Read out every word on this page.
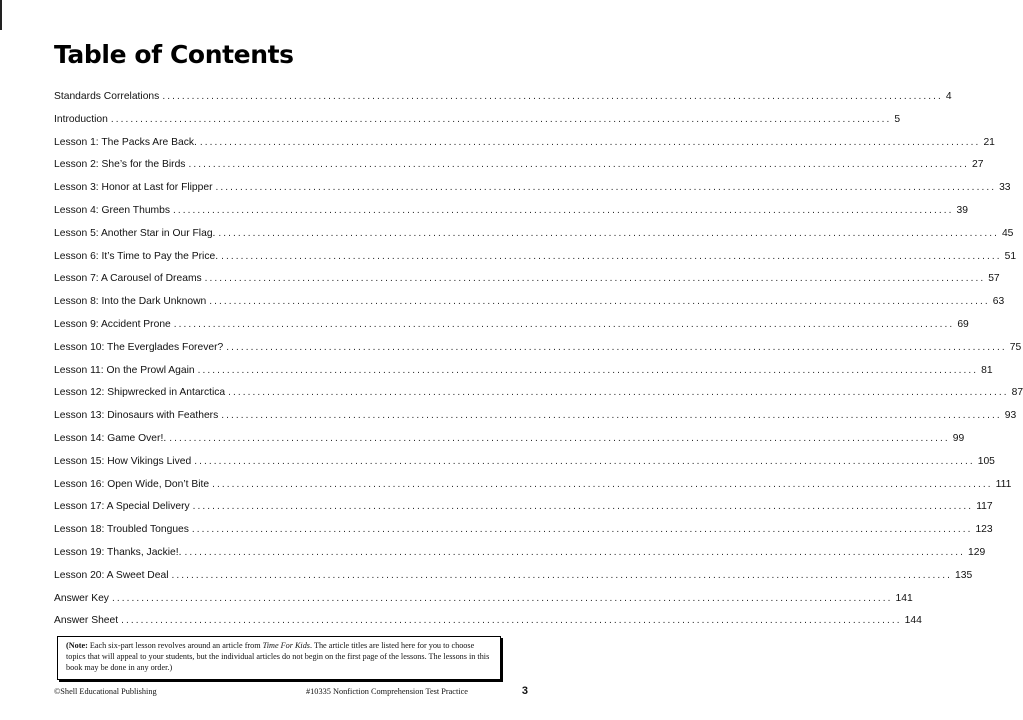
Table of Contents
Standards Correlations ................................................................................................................................................................ 4
Introduction ................................................................................................................................................................ 5
Lesson 1: The Packs Are Back. ................................................................................................................................................................ 21
Lesson 2: She’s for the Birds ................................................................................................................................................................ 27
Lesson 3: Honor at Last for Flipper ................................................................................................................................................................ 33
Lesson 4: Green Thumbs ................................................................................................................................................................ 39
Lesson 5: Another Star in Our Flag. ................................................................................................................................................................ 45
Lesson 6: It’s Time to Pay the Price. ................................................................................................................................................................ 51
Lesson 7: A Carousel of Dreams ................................................................................................................................................................ 57
Lesson 8: Into the Dark Unknown ................................................................................................................................................................ 63
Lesson 9: Accident Prone ................................................................................................................................................................ 69
Lesson 10: The Everglades Forever? ................................................................................................................................................................ 75
Lesson 11: On the Prowl Again ................................................................................................................................................................ 81
Lesson 12: Shipwrecked in Antarctica ................................................................................................................................................................ 87
Lesson 13: Dinosaurs with Feathers ................................................................................................................................................................ 93
Lesson 14: Game Over!. ................................................................................................................................................................ 99
Lesson 15: How Vikings Lived ................................................................................................................................................................ 105
Lesson 16: Open Wide, Don’t Bite ................................................................................................................................................................ 111
Lesson 17: A Special Delivery ................................................................................................................................................................ 117
Lesson 18: Troubled Tongues ................................................................................................................................................................ 123
Lesson 19: Thanks, Jackie!. ................................................................................................................................................................ 129
Lesson 20: A Sweet Deal ................................................................................................................................................................ 135
Answer Key ................................................................................................................................................................ 141
Answer Sheet ................................................................................................................................................................ 144
(Note: Each six-part lesson revolves around an article from Time For Kids. The article titles are listed here for you to choose topics that will appeal to your students, but the individual articles do not begin on the first page of the lessons. The lessons in this book may be done in any order.)
©Shell Educational Publishing	#10335 Nonfiction Comprehension Test Practice	3
